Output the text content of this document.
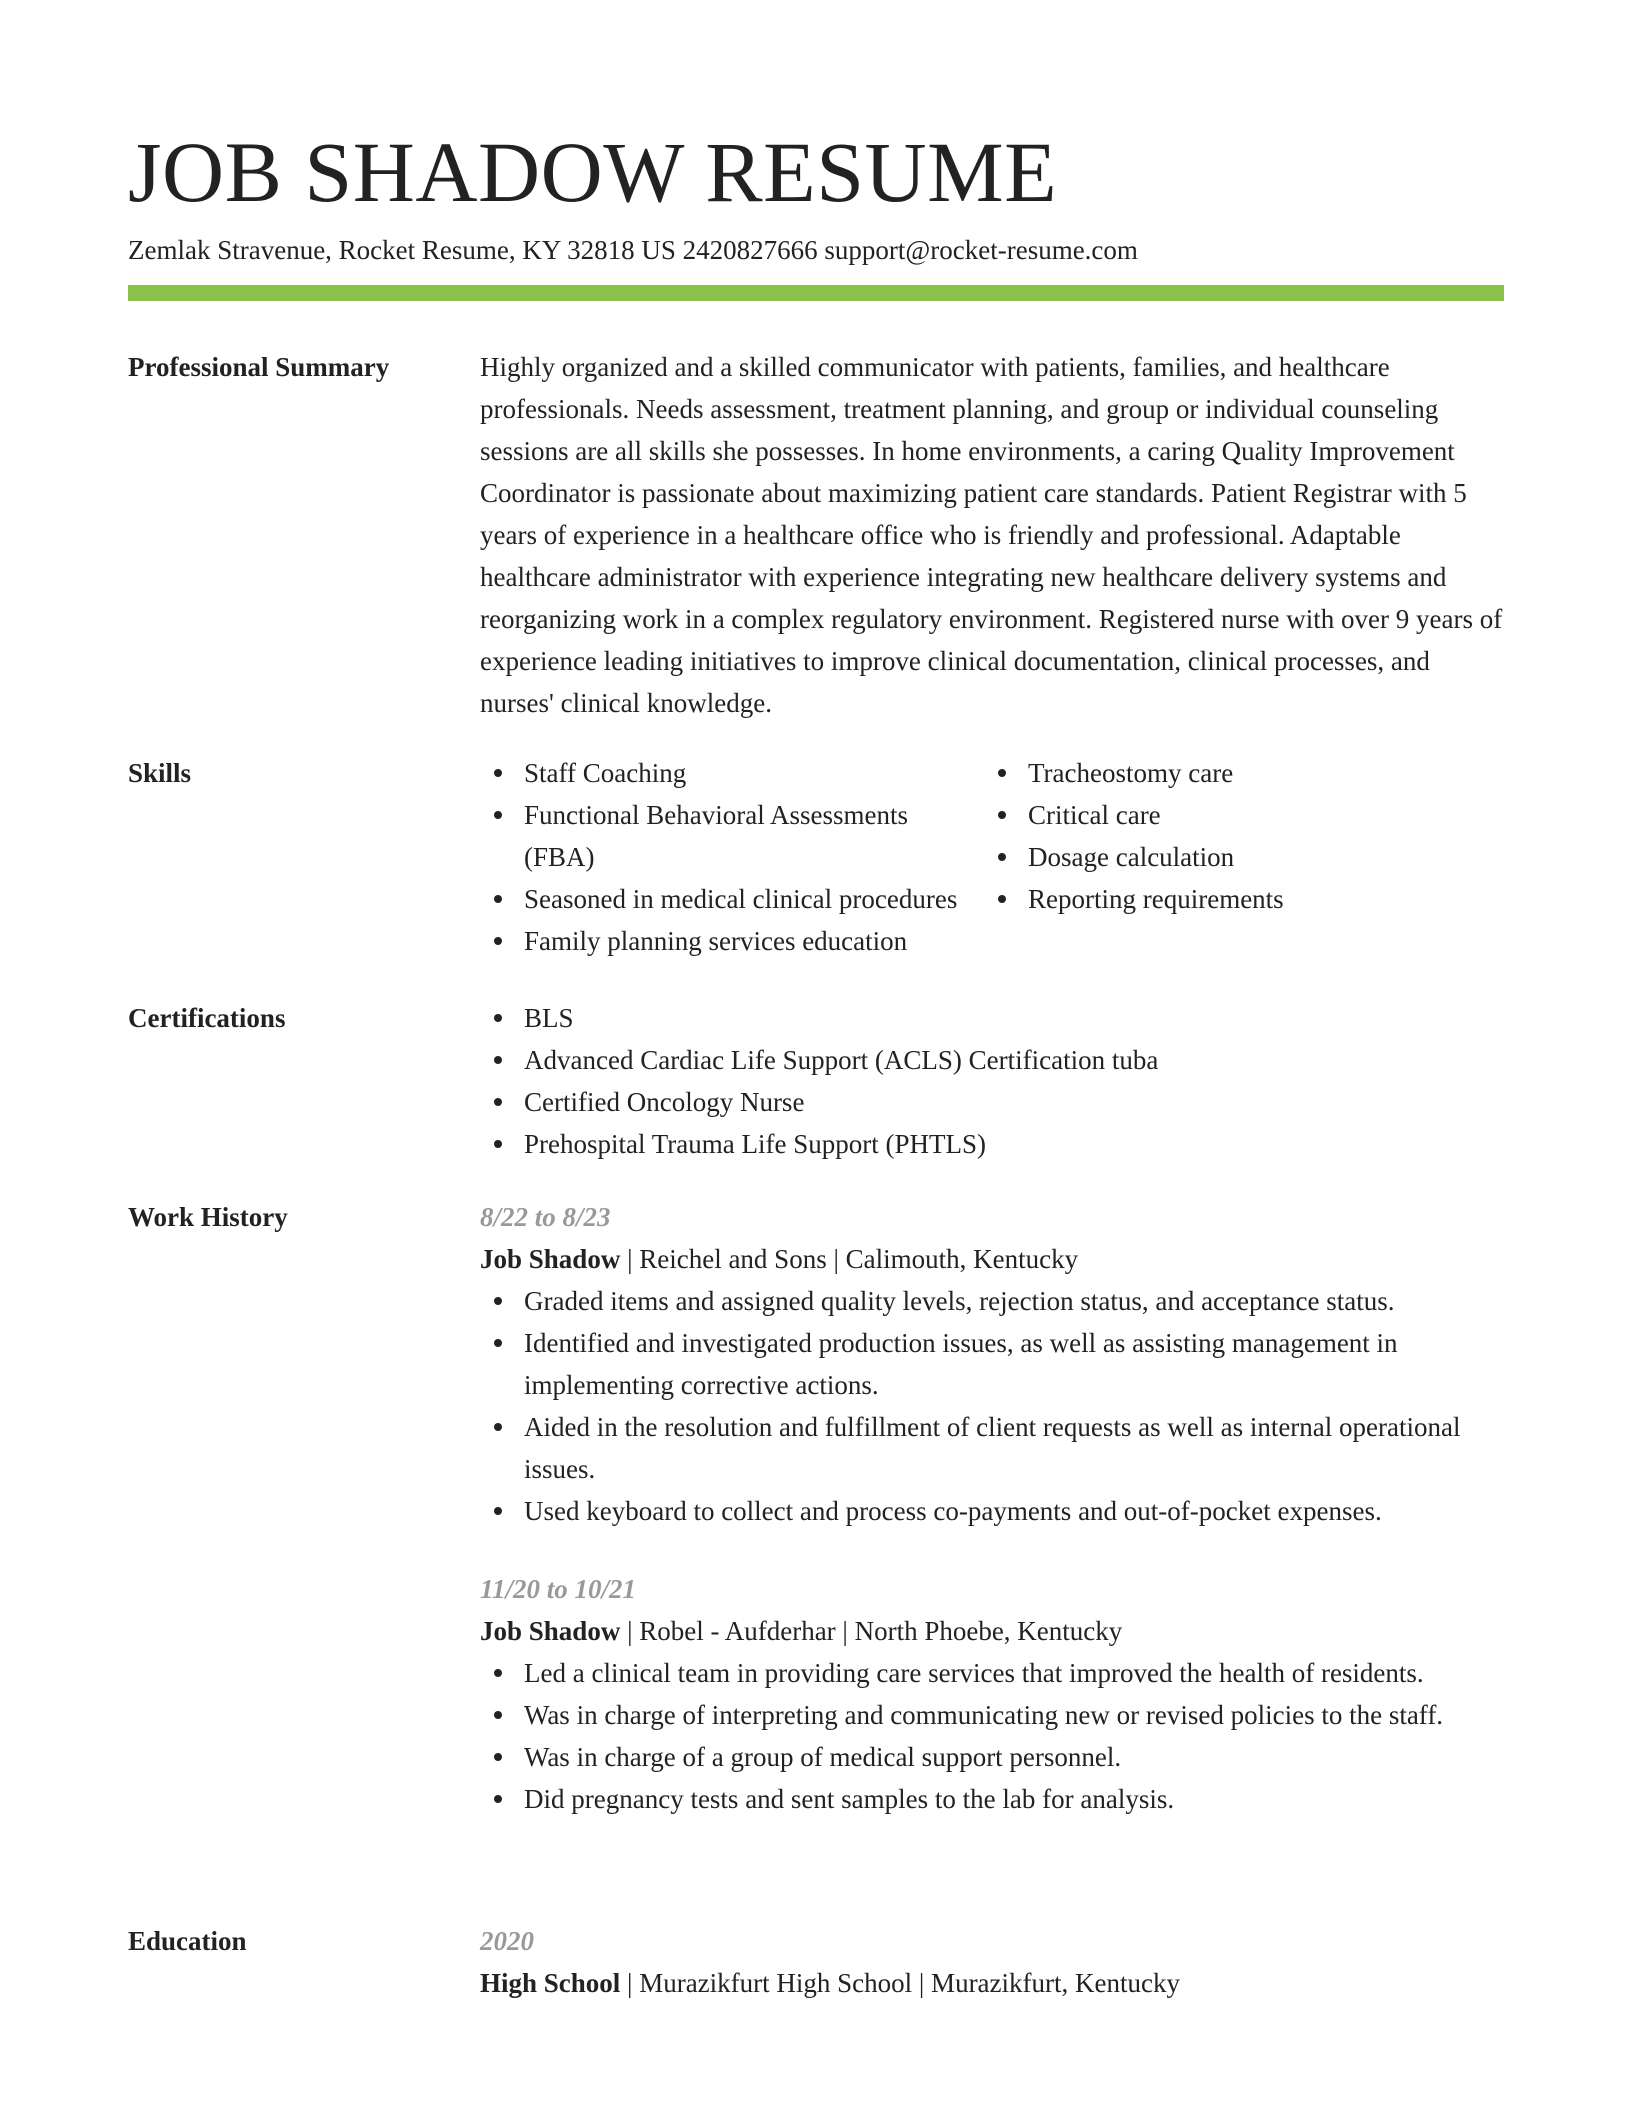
JOB SHADOW RESUME
Zemlak Stravenue, Rocket Resume, KY 32818 US 2420827666 support@rocket-resume.com
Professional Summary	Highly organized and a skilled communicator with patients, families, and healthcare professionals. Needs assessment, treatment planning, and group or individual counseling sessions are all skills she possesses. In home environments, a caring Quality Improvement Coordinator is passionate about maximizing patient care standards. Patient Registrar with 5 years of experience in a healthcare office who is friendly and professional. Adaptable healthcare administrator with experience integrating new healthcare delivery systems and reorganizing work in a complex regulatory environment. Registered nurse with over 9 years of experience leading initiatives to improve clinical documentation, clinical processes, and nurses' clinical knowledge.

Skills	Staff Coaching
Functional Behavioral Assessments (FBA)
Seasoned in medical clinical procedures
Family planning services education
Tracheostomy care
Critical care
Dosage calculation
Reporting requirements
Certifications	BLS
Advanced Cardiac Life Support (ACLS) Certification tuba
Certified Oncology Nurse
Prehospital Trauma Life Support (PHTLS)
Work History	8/22 to 8/23
Job Shadow | Reichel and Sons | Calimouth, Kentucky
Graded items and assigned quality levels, rejection status, and acceptance status.
Identified and investigated production issues, as well as assisting management in implementing corrective actions.
Aided in the resolution and fulfillment of client requests as well as internal operational issues.
Used keyboard to collect and process co-payments and out-of-pocket expenses.
11/20 to 10/21
Job Shadow | Robel - Aufderhar | North Phoebe, Kentucky
Led a clinical team in providing care services that improved the health of residents.
Was in charge of interpreting and communicating new or revised policies to the staff.
Was in charge of a group of medical support personnel.
Did pregnancy tests and sent samples to the lab for analysis.
Education	2020
High School | Murazikfurt High School | Murazikfurt, Kentucky
